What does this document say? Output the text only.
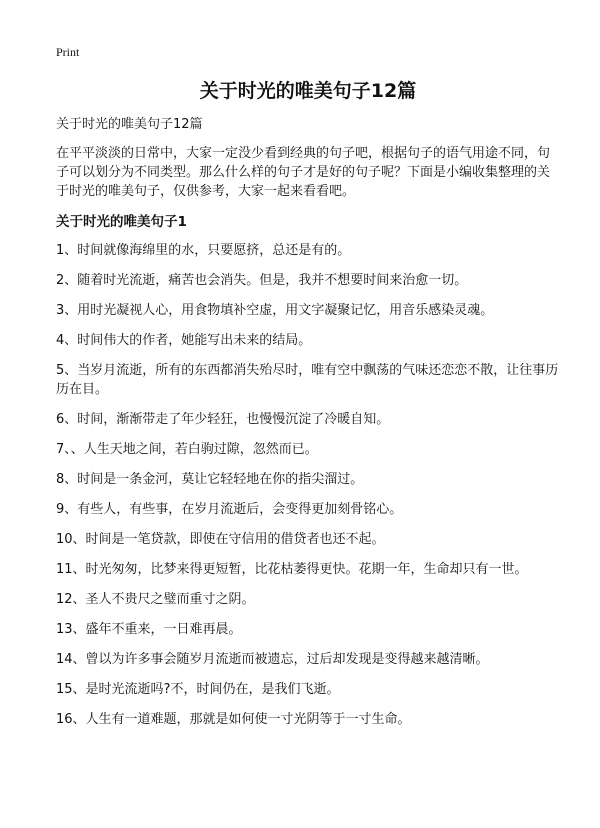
Print
关于时光的唯美句子12篇

关于时光的唯美句子12篇

在平平淡淡的日常中，大家一定没少看到经典的句子吧，根据句子的语气用途不同，句子可以划分为不同类型。那么什么样的句子才是好的句子呢？下面是小编收集整理的关于时光的唯美句子，仅供参考，大家一起来看看吧。

关于时光的唯美句子1
1、时间就像海绵里的水，只要愿挤，总还是有的。
2、随着时光流逝，痛苦也会消失。但是，我并不想要时间来治愈一切。
3、用时光凝视人心，用食物填补空虚，用文字凝聚记忆，用音乐感染灵魂。
4、时间伟大的作者，她能写出未来的结局。
5、当岁月流逝，所有的东西都消失殆尽时，唯有空中飘荡的气味还恋恋不散，让往事历历在目。
6、时间，渐渐带走了年少轻狂，也慢慢沉淀了冷暖自知。
7、、人生天地之间，若白驹过隙，忽然而已。
8、时间是一条金河，莫让它轻轻地在你的指尖溜过。
9、有些人，有些事，在岁月流逝后，会变得更加刻骨铭心。
10、时间是一笔贷款，即使在守信用的借贷者也还不起。
11、时光匆匆，比梦来得更短暂，比花枯萎得更快。花期一年，生命却只有一世。
12、圣人不贵尺之璧而重寸之阴。
13、盛年不重来，一日难再晨。
14、曾以为许多事会随岁月流逝而被遗忘，过后却发现是变得越来越清晰。
15、是时光流逝吗?不，时间仍在，是我们飞逝。
16、人生有一道难题，那就是如何使一寸光阴等于一寸生命。
